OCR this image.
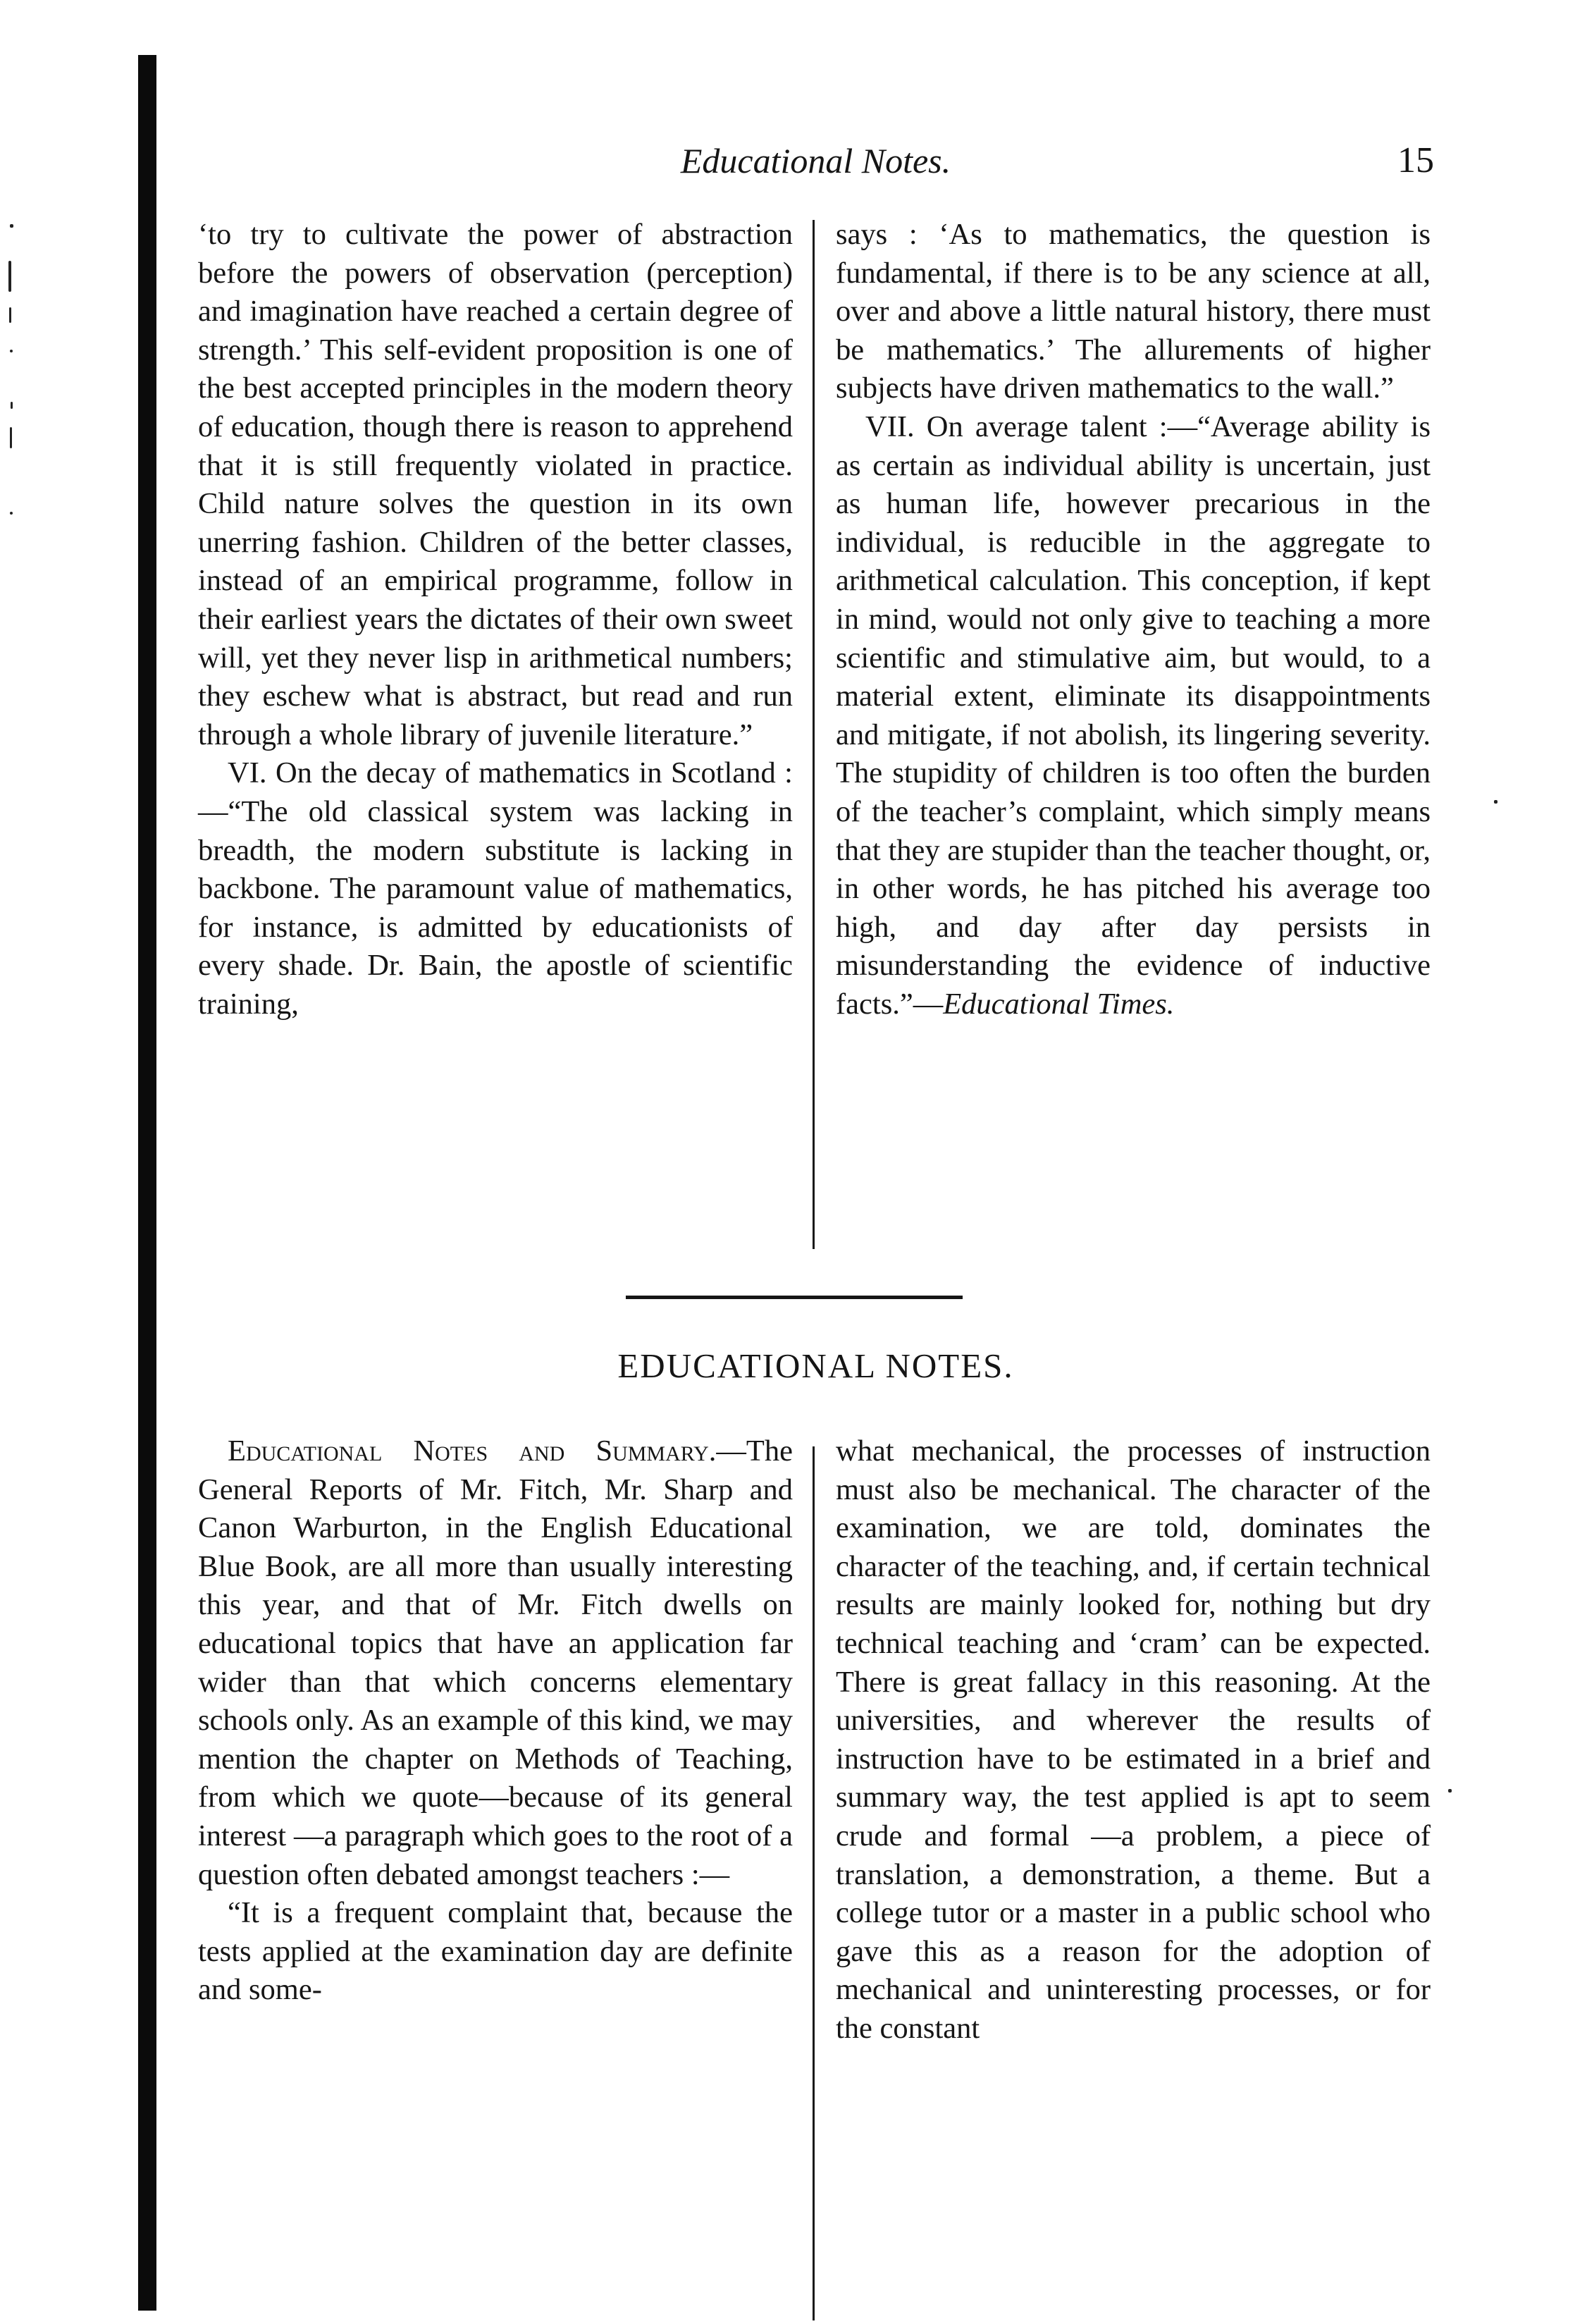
Educational Notes.	15

‘to try to cultivate the power of abstraction before the powers of observation (perception) and imagination have reached a certain degree of strength.’ This self-evident proposition is one of the best accepted principles in the modern theory of education, though there is reason to apprehend that it is still frequently violated in practice. Child nature solves the question in its own unerring fashion. Children of the better classes, instead of an empirical programme, follow in their earliest years the dictates of their own sweet will, yet they never lisp in arithmetical numbers; they eschew what is abstract, but read and run through a whole library of juvenile literature.”

VI. On the decay of mathematics in Scotland :—“The old classical system was lacking in breadth, the modern substitute is lacking in backbone. The paramount value of mathematics, for instance, is admitted by educationists of every shade. Dr. Bain, the apostle of scientific training,

says : ‘As to mathematics, the question is fundamental, if there is to be any science at all, over and above a little natural history, there must be mathematics.’ The allurements of higher subjects have driven mathematics to the wall.”

VII. On average talent :—“Average ability is as certain as individual ability is uncertain, just as human life, however precarious in the individual, is reducible in the aggregate to arithmetical calculation. This conception, if kept in mind, would not only give to teaching a more scientific and stimulative aim, but would, to a material extent, eliminate its disappointments and mitigate, if not abolish, its lingering severity. The stupidity of children is too often the burden of the teacher’s complaint, which simply means that they are stupider than the teacher thought, or, in other words, he has pitched his average too high, and day after day persists in misunderstanding the evidence of inductive facts.”—Educational Times.

EDUCATIONAL NOTES.

Educational Notes and Summary.—The General Reports of Mr. Fitch, Mr. Sharp and Canon Warburton, in the English Educational Blue Book, are all more than usually interesting this year, and that of Mr. Fitch dwells on educational topics that have an application far wider than that which concerns elementary schools only. As an example of this kind, we may mention the chapter on Methods of Teaching, from which we quote—because of its general interest —a paragraph which goes to the root of a question often debated amongst teachers :—

“It is a frequent complaint that, because the tests applied at the examination day are definite and some-

what mechanical, the processes of instruction must also be mechanical. The character of the examination, we are told, dominates the character of the teaching, and, if certain technical results are mainly looked for, nothing but dry technical teaching and ‘cram’ can be expected. There is great fallacy in this reasoning. At the universities, and wherever the results of instruction have to be estimated in a brief and summary way, the test applied is apt to seem crude and formal —a problem, a piece of translation, a demonstration, a theme. But a college tutor or a master in a public school who gave this as a reason for the adoption of mechanical and uninteresting processes, or for the constant
